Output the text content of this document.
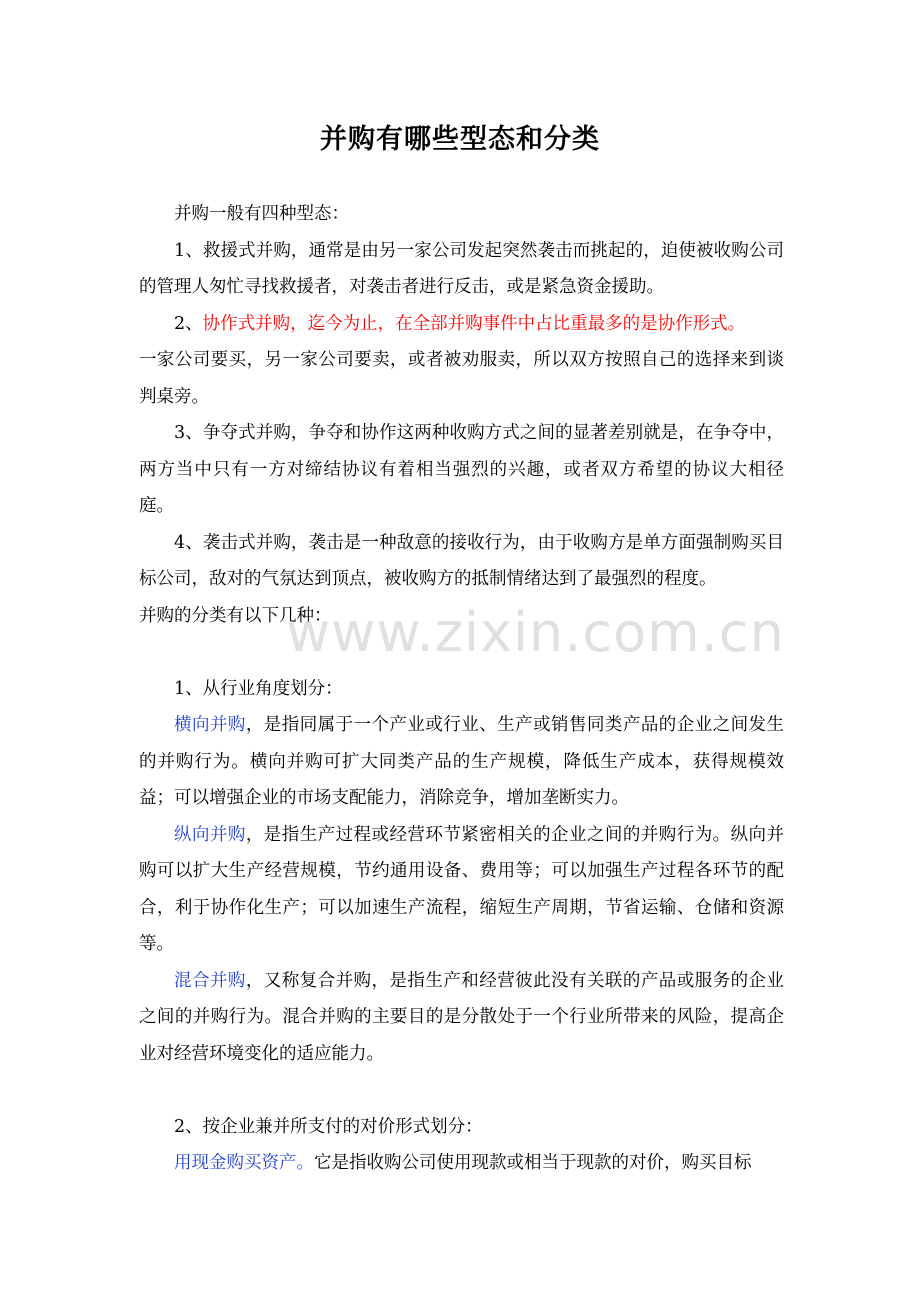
并购有哪些型态和分类

并购一般有四种型态：

1、救援式并购，通常是由另一家公司发起突然袭击而挑起的，迫使被收购公司的管理人匆忙寻找救援者，对袭击者进行反击，或是紧急资金援助。

2、协作式并购，迄今为止，在全部并购事件中占比重最多的是协作形式。

一家公司要买，另一家公司要卖，或者被劝服卖，所以双方按照自己的选择来到谈判桌旁。

3、争夺式并购，争夺和协作这两种收购方式之间的显著差别就是，在争夺中，两方当中只有一方对缔结协议有着相当强烈的兴趣，或者双方希望的协议大相径庭。

4、袭击式并购，袭击是一种敌意的接收行为，由于收购方是单方面强制购买目标公司，敌对的气氛达到顶点，被收购方的抵制情绪达到了最强烈的程度。

并购的分类有以下几种：

1、从行业角度划分：

横向并购，是指同属于一个产业或行业、生产或销售同类产品的企业之间发生的并购行为。横向并购可扩大同类产品的生产规模，降低生产成本，获得规模效益；可以增强企业的市场支配能力，消除竞争，增加垄断实力。

纵向并购，是指生产过程或经营环节紧密相关的企业之间的并购行为。纵向并购可以扩大生产经营规模，节约通用设备、费用等；可以加强生产过程各环节的配合，利于协作化生产；可以加速生产流程，缩短生产周期，节省运输、仓储和资源等。

混合并购，又称复合并购，是指生产和经营彼此没有关联的产品或服务的企业之间的并购行为。混合并购的主要目的是分散处于一个行业所带来的风险，提高企业对经营环境变化的适应能力。

2、按企业兼并所支付的对价形式划分：

用现金购买资产。它是指收购公司使用现款或相当于现款的对价，购买目标

www.zixin.com.cn
